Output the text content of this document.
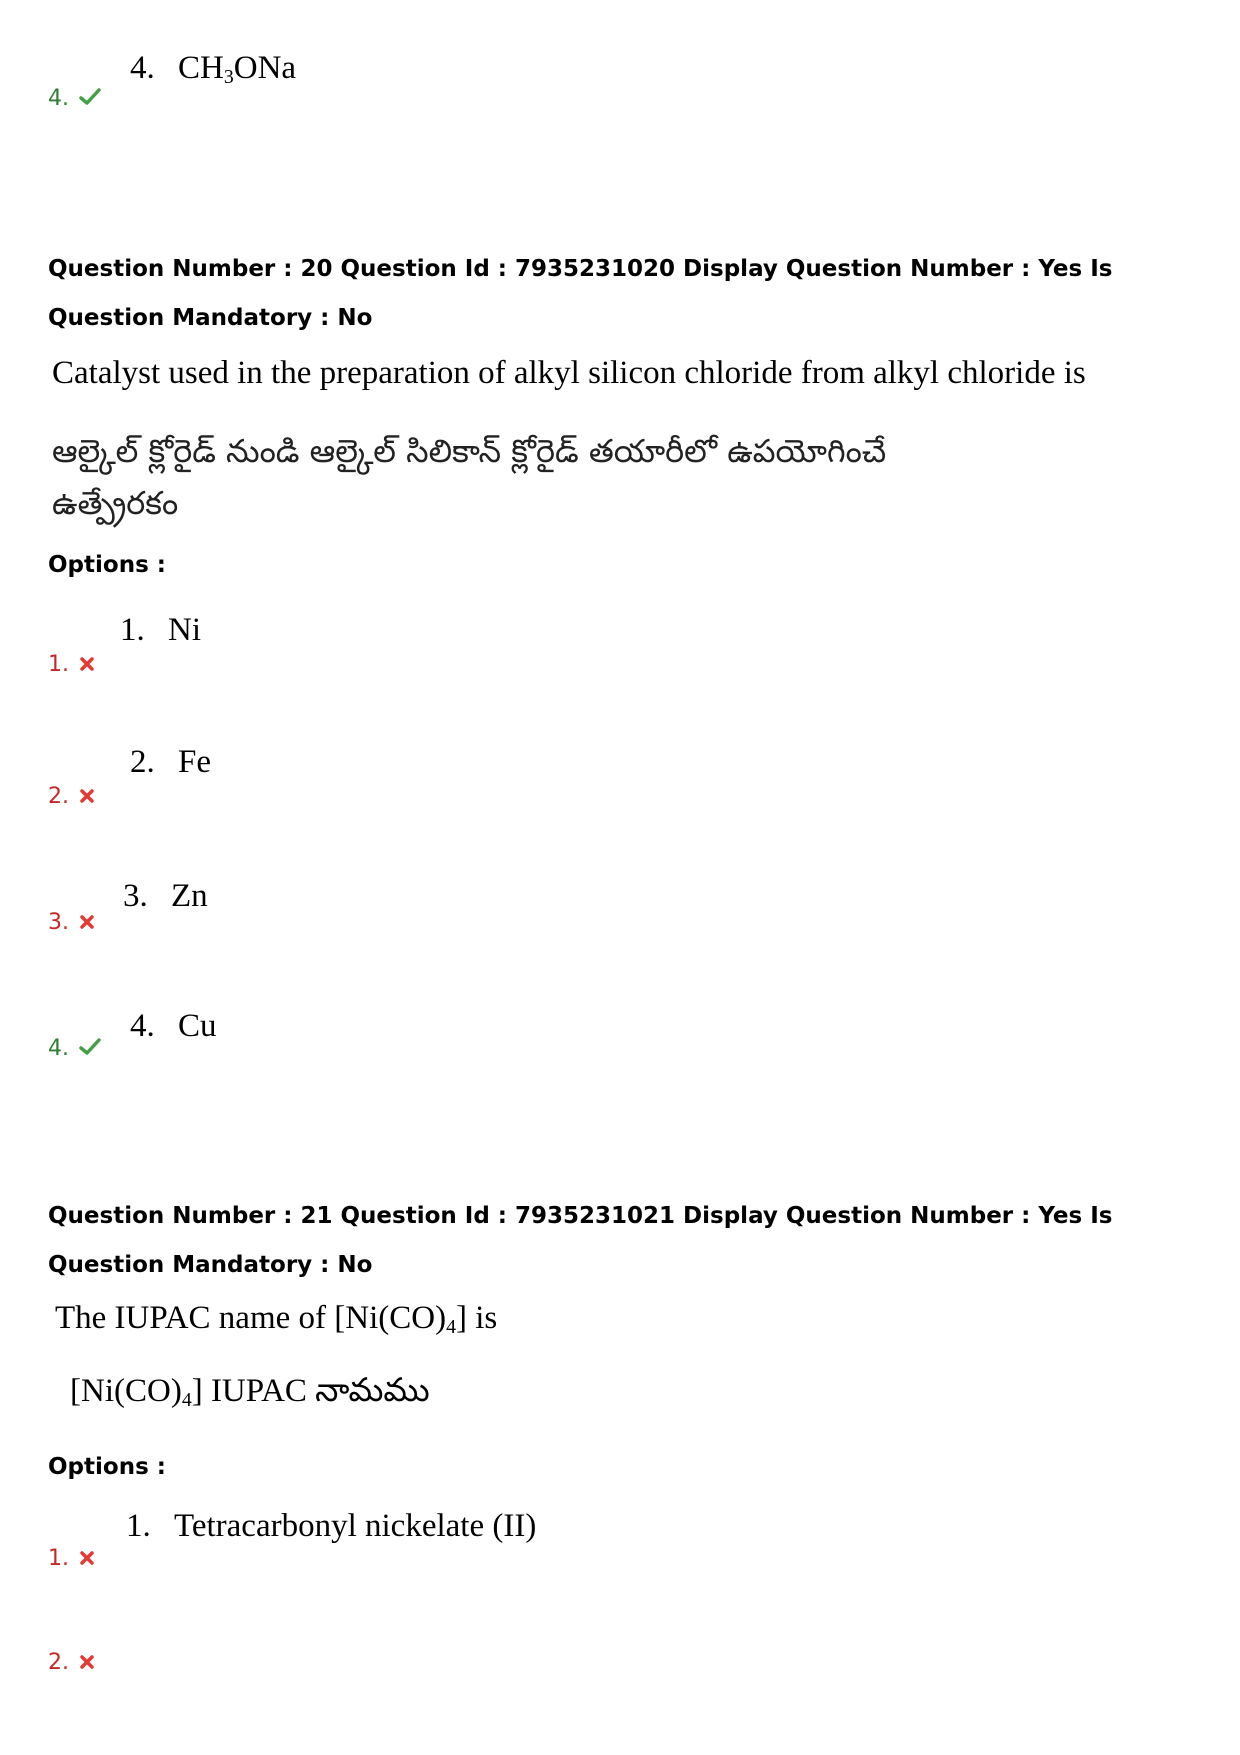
4. $CH_3ONa$
4.
Question Number : 20 Question Id : 7935231020 Display Question Number : Yes Is Question Mandatory : No
Catalyst used in the preparation of alkyl silicon chloride from alkyl chloride is
ఆల్కైల్ క్లోరైడ్ నుండి ఆల్కైల్ సిలికాన్ క్లోరైడ్ తయారీలో ఉపయోగించే ఉత్ప్రేరకం
Options :
1. Ni
1.
2. Fe
2.
3. Zn
3.
4. Cu
4.
Question Number : 21 Question Id : 7935231021 Display Question Number : Yes Is Question Mandatory : No
The IUPAC name of $[Ni(CO)_4]$ is
$[Ni(CO)_4]$ IUPAC నామము
Options :
1. Tetracarbonyl nickelate (II)
1.
2.
